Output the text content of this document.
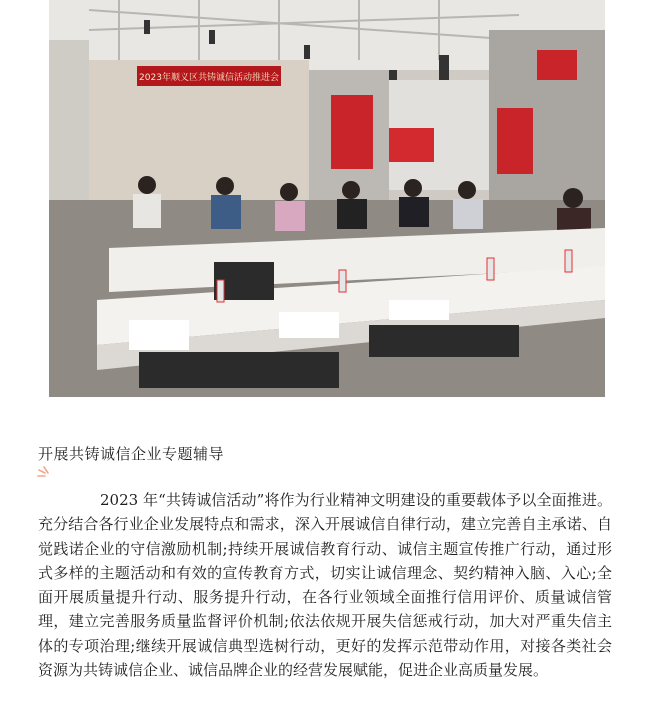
2023年顺义区共铸诚信活动推进会
开展共铸诚信企业专题辅导

2023 年“共铸诚信活动”将作为行业精神文明建设的重要载体予以全面推进。充分结合各行业企业发展特点和需求，深入开展诚信自律行动，建立完善自主承诺、自觉践诺企业的守信激励机制;持续开展诚信教育行动、诚信主题宣传推广行动，通过形式多样的主题活动和有效的宣传教育方式，切实让诚信理念、契约精神入脑、入心;全面开展质量提升行动、服务提升行动，在各行业领域全面推行信用评价、质量诚信管理，建立完善服务质量监督评价机制;依法依规开展失信惩戒行动，加大对严重失信主体的专项治理;继续开展诚信典型选树行动，更好的发挥示范带动作用，对接各类社会资源为共铸诚信企业、诚信品牌企业的经营发展赋能，促进企业高质量发展。
